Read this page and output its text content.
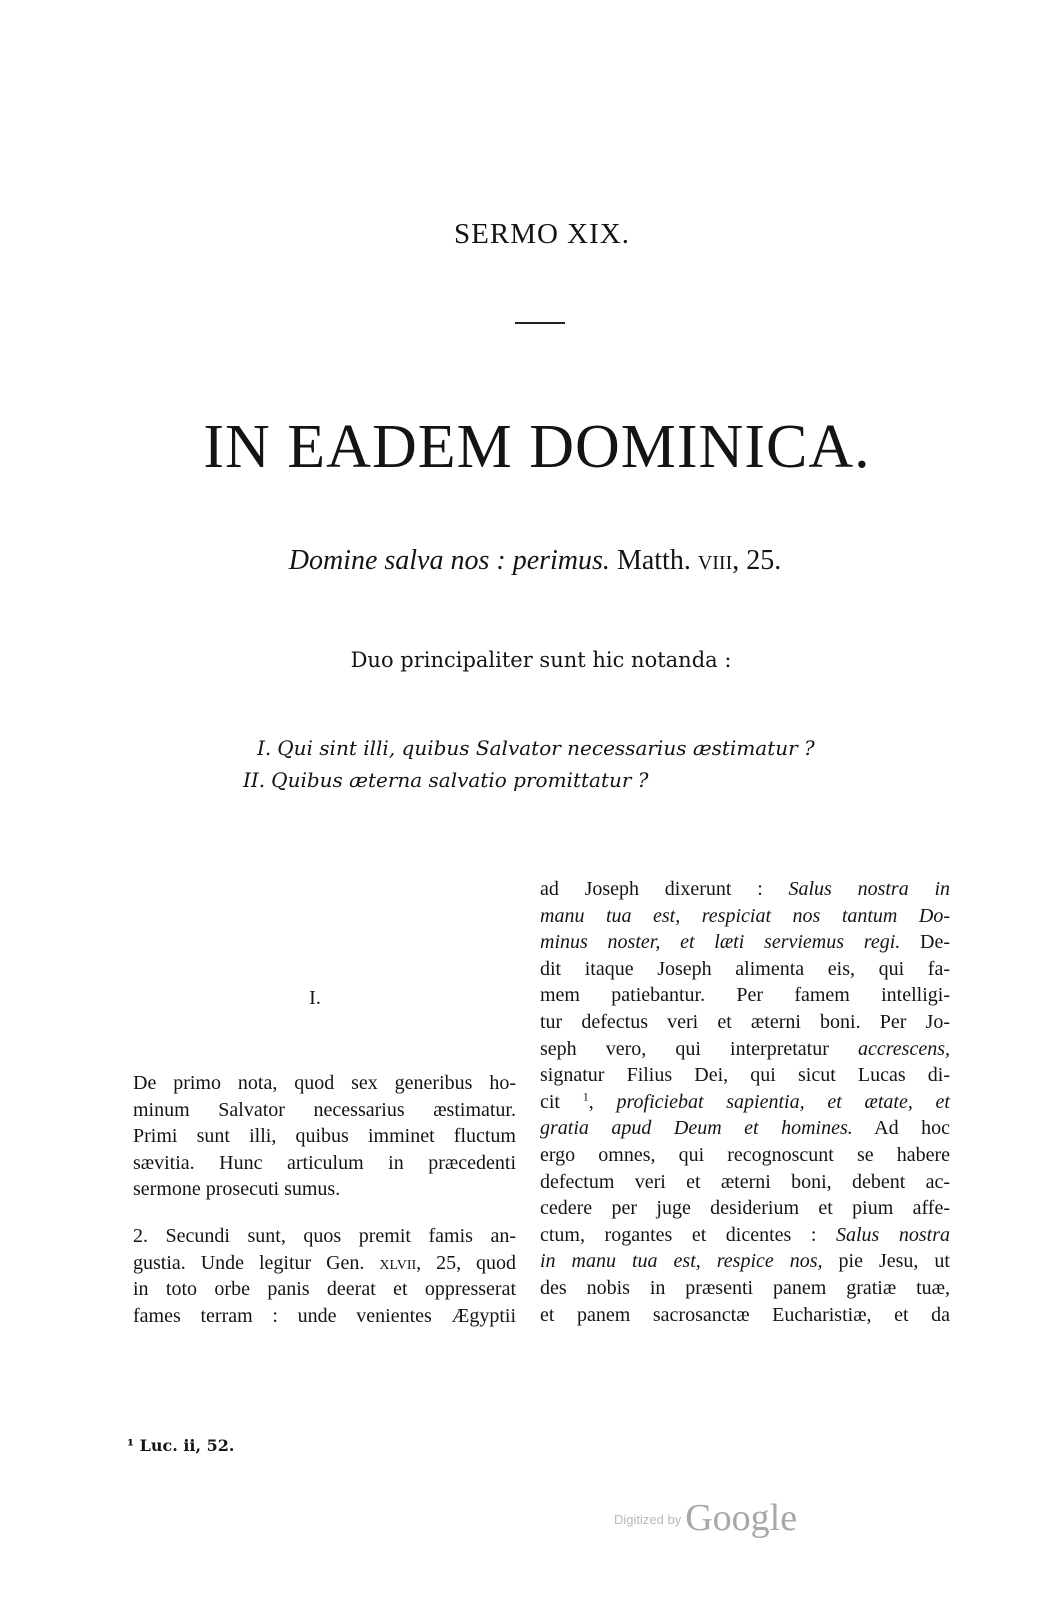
SERMO XIX.
IN EADEM DOMINICA.
Domine salva nos : perimus. Matth. viii, 25.
Duo principaliter sunt hic notanda :
I. Qui sint illi, quibus Salvator necessarius æstimatur ?
II. Quibus æterna salvatio promittatur ?
I.

De primo nota, quod sex generibus ho-
minum Salvator necessarius æstimatur.
Primi sunt illi, quibus imminet fluctum
sævitia. Hunc articulum in præcedenti
sermone prosecuti sumus.

2. Secundi sunt, quos premit famis an-
gustia. Unde legitur Gen. xlvii, 25, quod
in toto orbe panis deerat et oppresserat
fames terram : unde venientes Ægyptii

ad Joseph dixerunt : Salus nostra in
manu tua est, respiciat nos tantum Do-
minus noster, et læti serviemus regi. De-
dit itaque Joseph alimenta eis, qui fa-
mem patiebantur. Per famem intelligi-
tur defectus veri et æterni boni. Per Jo-
seph vero, qui interpretatur accrescens,
signatur Filius Dei, qui sicut Lucas di-
cit $^1$, proficiebat sapientia, et ætate, et
gratia apud Deum et homines. Ad hoc
ergo omnes, qui recognoscunt se habere
defectum veri et æterni boni, debent ac-
cedere per juge desiderium et pium affe-
ctum, rogantes et dicentes : Salus nostra
in manu tua est, respice nos, pie Jesu, ut
des nobis in præsenti panem gratiæ tuæ,
et panem sacrosanctæ Eucharistiæ, et da
¹ Luc. ii, 52.
$^{Digitized by}$ Google
